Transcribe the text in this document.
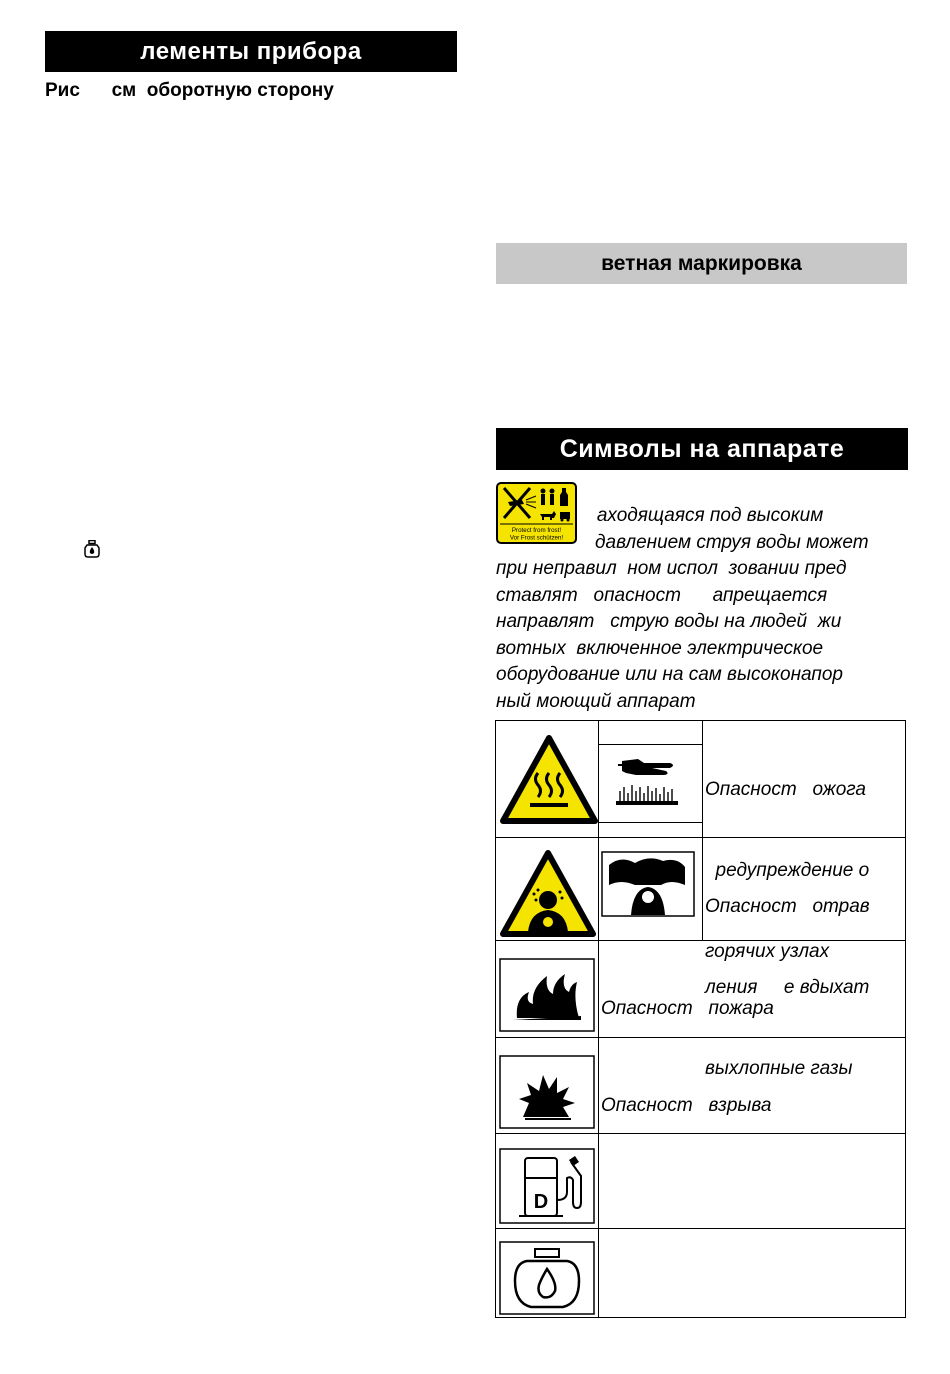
лементы прибора
Рис      см  оборотную сторону
ветная маркировка
Символы на аппарате
Protect from frost!
Vor Frost schützen!
аходящаяся под высоким
давлением струя воды может
при неправил  ном испол  зовании пред
ставлят   опасност      апрещается
направлят   струю воды на людей  жи
вотных  включенное электрическое
оборудование или на сам высоконапор
ный моющий аппарат

Опасност   ожога

редупреждение о

горячих узлах

Опасност   отрав

ления     е вдыхат

выхлопные газы

Опасност   пожара

Опасност   взрыва

D
